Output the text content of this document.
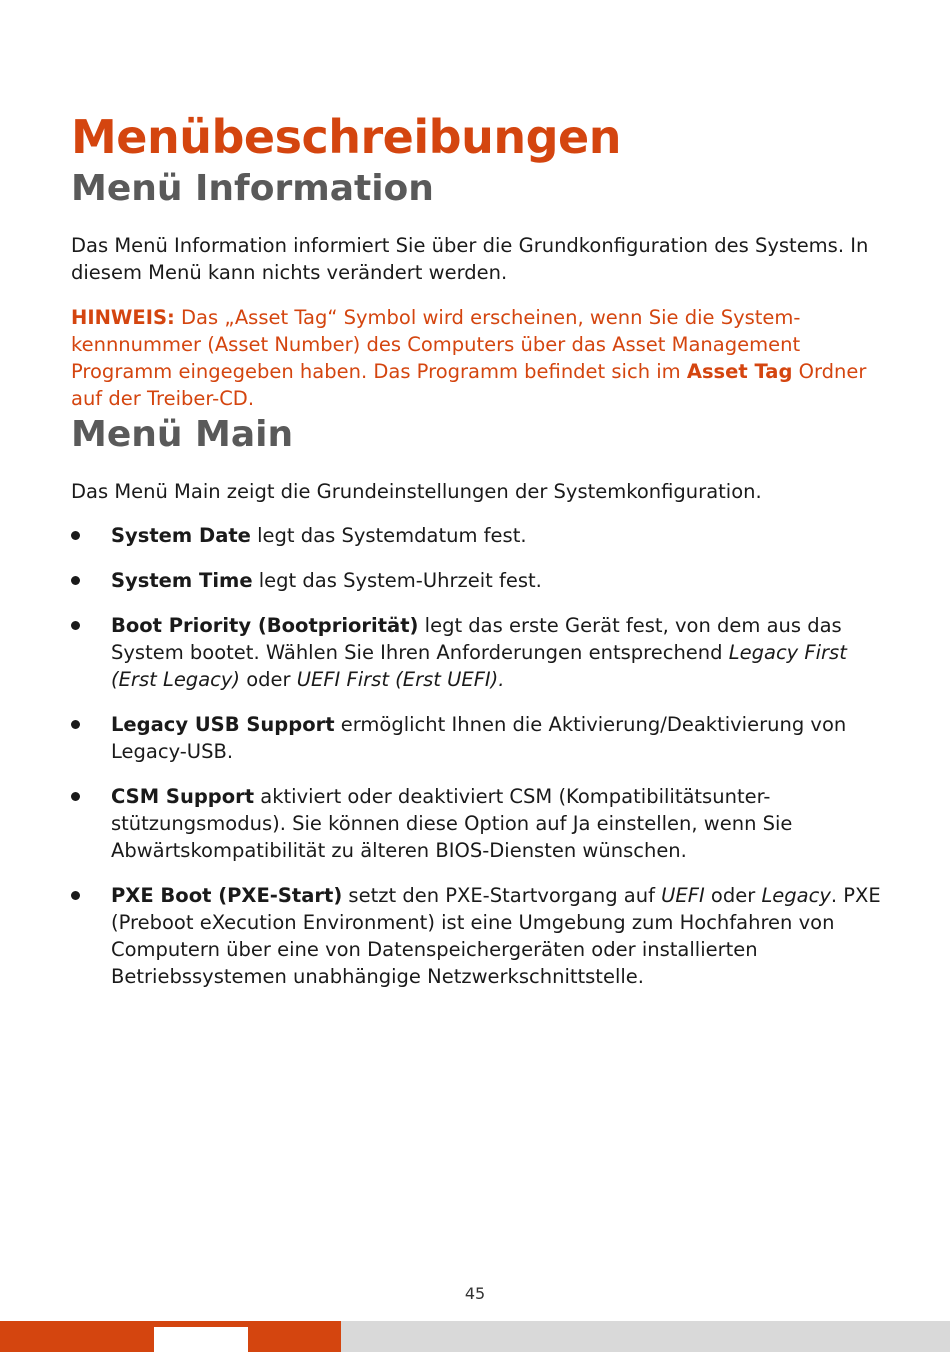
Menübeschreibungen
Menü Information

Das Menü Information informiert Sie über die Grundkonfiguration des Systems. In diesem Menü kann nichts verändert werden.

HINWEIS: Das „Asset Tag“ Symbol wird erscheinen, wenn Sie die System-kennnummer (Asset Number) des Computers über das Asset Management Programm eingegeben haben. Das Programm befindet sich im Asset Tag Ordner auf der Treiber-CD.

Menü Main

Das Menü Main zeigt die Grundeinstellungen der Systemkonfiguration.

System Date legt das Systemdatum fest.
System Time legt das System-Uhrzeit fest.
Boot Priority (Bootpriorität) legt das erste Gerät fest, von dem aus das System bootet. Wählen Sie Ihren Anforderungen entsprechend Legacy First (Erst Legacy) oder UEFI First (Erst UEFI).
Legacy USB Support ermöglicht Ihnen die Aktivierung/Deaktivierung von Legacy-USB.
CSM Support aktiviert oder deaktiviert CSM (Kompatibilitätsunter-stützungsmodus). Sie können diese Option auf Ja einstellen, wenn Sie Abwärtskompatibilität zu älteren BIOS-Diensten wünschen.
PXE Boot (PXE-Start) setzt den PXE-Startvorgang auf UEFI oder Legacy. PXE (Preboot eXecution Environment) ist eine Umgebung zum Hochfahren von Computern über eine von Datenspeichergeräten oder installierten Betriebssystemen unabhängige Netzwerkschnittstelle.
45
